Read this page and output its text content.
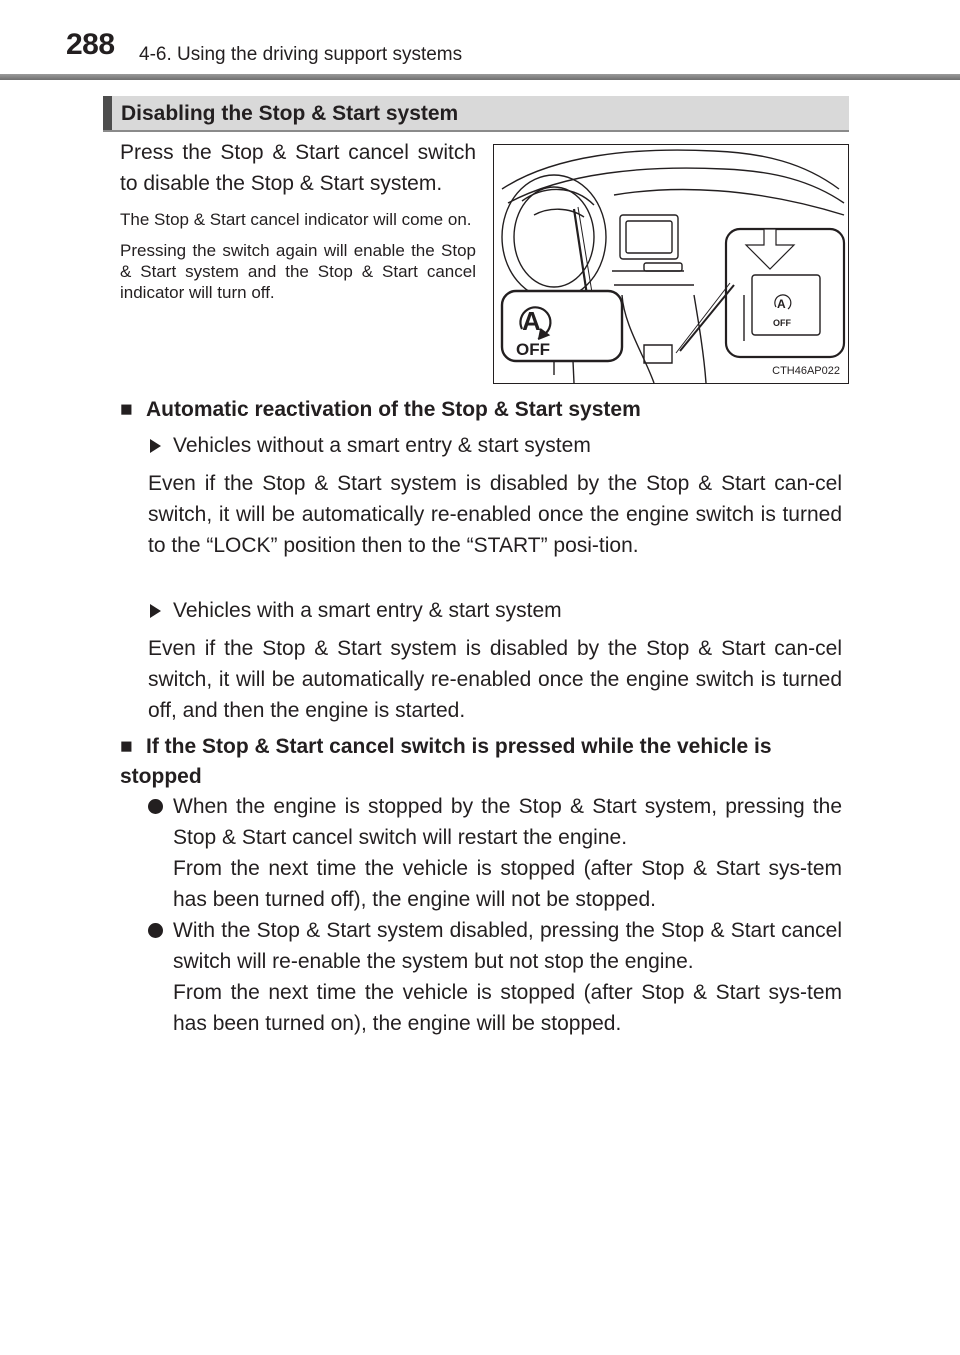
288 4-6. Using the driving support systems
Disabling the Stop & Start system

Press the Stop & Start cancel switch to disable the Stop & Start system.

The Stop & Start cancel indicator will come on.

Pressing the switch again will enable the Stop & Start system and the Stop & Start cancel indicator will turn off.

A
OFF
A
OFF
CTH46AP022
■ Automatic reactivation of the Stop & Start system
Vehicles without a smart entry & start system
Even if the Stop & Start system is disabled by the Stop & Start can-cel switch, it will be automatically re-enabled once the engine switch is turned to the “LOCK” position then to the “START” posi-tion.
Vehicles with a smart entry & start system
Even if the Stop & Start system is disabled by the Stop & Start can-cel switch, it will be automatically re-enabled once the engine switch is turned off, and then the engine is started.
■ If the Stop & Start cancel switch is pressed while the vehicle is stopped
When the engine is stopped by the Stop & Start system, pressing the Stop & Start cancel switch will restart the engine.
From the next time the vehicle is stopped (after Stop & Start sys-tem has been turned off), the engine will not be stopped.
With the Stop & Start system disabled, pressing the Stop & Start cancel switch will re-enable the system but not stop the engine.
From the next time the vehicle is stopped (after Stop & Start sys-tem has been turned on), the engine will be stopped.
